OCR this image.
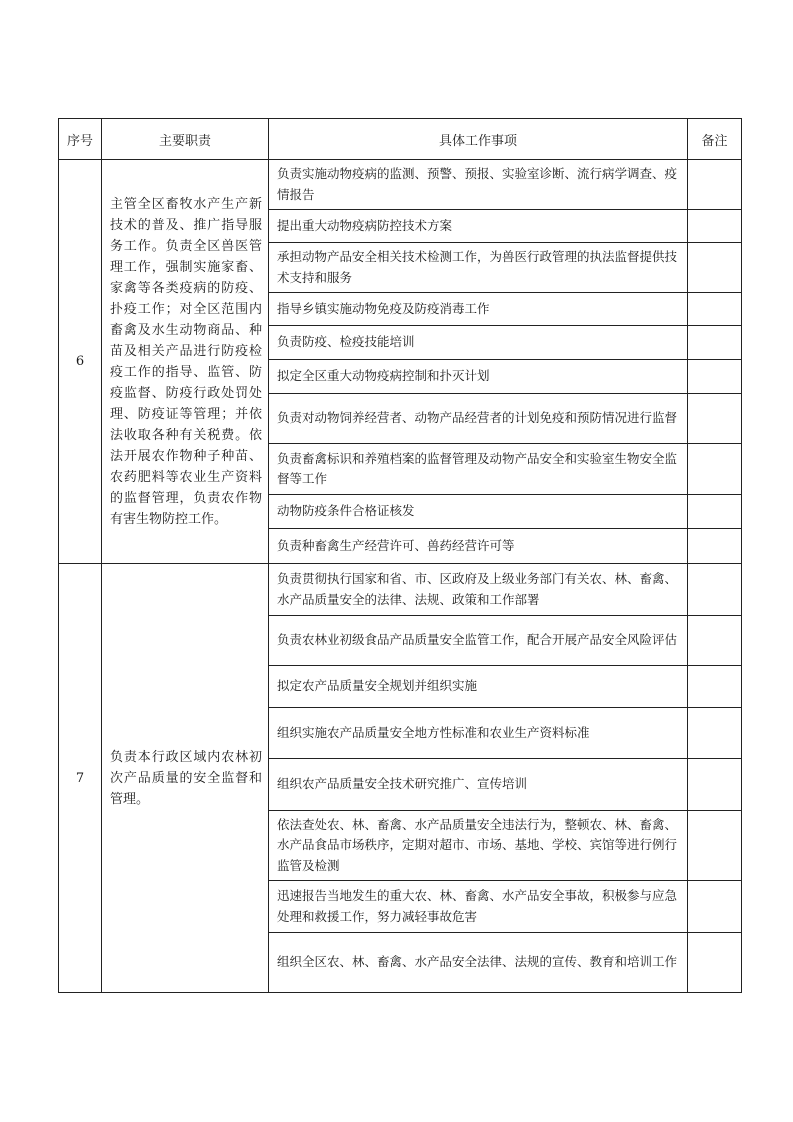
序号	主要职责	具体工作事项	备注
6	主管全区畜牧水产生产新技术的普及、推广指导服务工作。负责全区兽医管理工作，强制实施家畜、家禽等各类疫病的防疫、扑疫工作；对全区范围内畜禽及水生动物商品、种苗及相关产品进行防疫检疫工作的指导、监管、防疫监督、防疫行政处罚处理、防疫证等管理；并依法收取各种有关税费。依法开展农作物种子种苗、农药肥料等农业生产资料的监督管理，负责农作物有害生物防控工作。	负责实施动物疫病的监测、预警、预报、实验室诊断、流行病学调查、疫情报告	
		提出重大动物疫病防控技术方案	
		承担动物产品安全相关技术检测工作，为兽医行政管理的执法监督提供技术支持和服务	
		指导乡镇实施动物免疫及防疫消毒工作	
		负责防疫、检疫技能培训	
		拟定全区重大动物疫病控制和扑灭计划	
		负责对动物饲养经营者、动物产品经营者的计划免疫和预防情况进行监督	
		负责畜禽标识和养殖档案的监督管理及动物产品安全和实验室生物安全监督等工作	
		动物防疫条件合格证核发	
		负责种畜禽生产经营许可、兽药经营许可等	
7	负责本行政区域内农林初次产品质量的安全监督和管理。	负责贯彻执行国家和省、市、区政府及上级业务部门有关农、林、畜禽、水产品质量安全的法律、法规、政策和工作部署	
		负责农林业初级食品产品质量安全监管工作，配合开展产品安全风险评估	
		拟定农产品质量安全规划并组织实施	
		组织实施农产品质量安全地方性标准和农业生产资料标准	
		组织农产品质量安全技术研究推广、宣传培训	
		依法查处农、林、畜禽、水产品质量安全违法行为，整顿农、林、畜禽、水产品食品市场秩序，定期对超市、市场、基地、学校、宾馆等进行例行监管及检测	
		迅速报告当地发生的重大农、林、畜禽、水产品安全事故，积极参与应急处理和救援工作，努力减轻事故危害	
		组织全区农、林、畜禽、水产品安全法律、法规的宣传、教育和培训工作	
